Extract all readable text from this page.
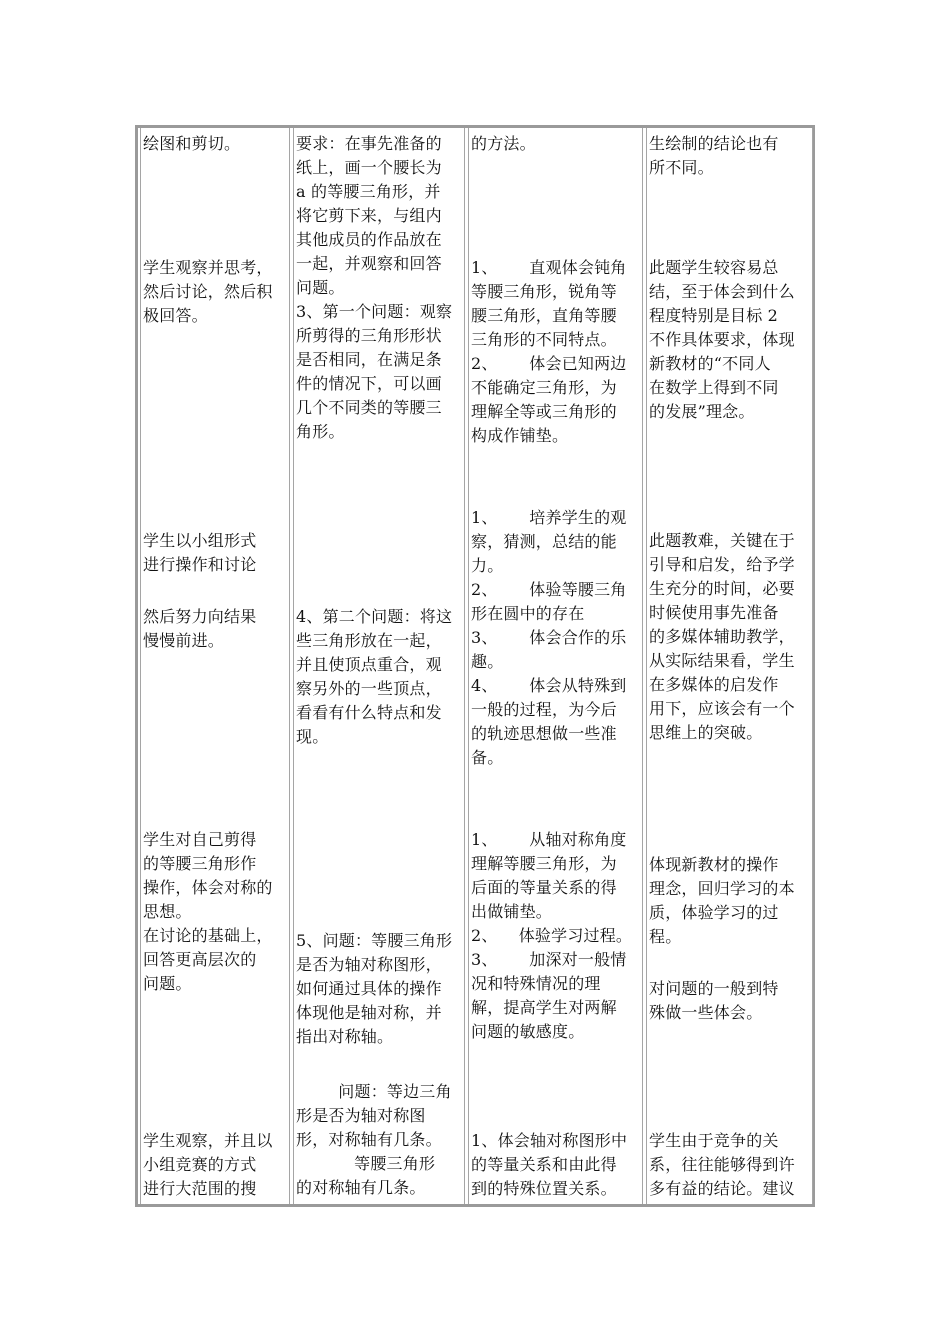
绘图和剪切。

学生观察并思考，
然后讨论，然后积
极回答。

学生以小组形式
进行操作和讨论

然后努力向结果
慢慢前进。

学生对自己剪得
的等腰三角形作
操作，体会对称的
思想。
在讨论的基础上，
回答更高层次的
问题。

学生观察，并且以
小组竞赛的方式
进行大范围的搜

要求：在事先准备的
纸上，画一个腰长为
a 的等腰三角形，并
将它剪下来，与组内
其他成员的作品放在
一起，并观察和回答
问题。
3、第一个问题：观察
所剪得的三角形形状
是否相同，在满足条
件的情况下，可以画
几个不同类的等腰三
角形。

4、第二个问题：将这
些三角形放在一起，
并且使顶点重合，观
察另外的一些顶点，
看看有什么特点和发
现。

5、问题：等腰三角形
是否为轴对称图形，
如何通过具体的操作
体现他是轴对称，并
指出对称轴。

问题：等边三角
形是否为轴对称图
形，对称轴有几条。
等腰三角形
的对称轴有几条。

的方法。

1、      直观体会钝角
等腰三角形，锐角等
腰三角形，直角等腰
三角形的不同特点。
2、      体会已知两边
不能确定三角形，为
理解全等或三角形的
构成作铺垫。

1、      培养学生的观
察，猜测，总结的能
力。
2、      体验等腰三角
形在圆中的存在
3、      体会合作的乐
趣。
4、      体会从特殊到
一般的过程，为今后
的轨迹思想做一些准
备。

1、      从轴对称角度
理解等腰三角形，为
后面的等量关系的得
出做铺垫。
2、    体验学习过程。
3、      加深对一般情
况和特殊情况的理
解，提高学生对两解
问题的敏感度。

1、体会轴对称图形中
的等量关系和由此得
到的特殊位置关系。

生绘制的结论也有
所不同。

此题学生较容易总
结，至于体会到什么
程度特别是目标 2
不作具体要求，体现
新教材的“不同人
在数学上得到不同
的发展”理念。

此题教难，关键在于
引导和启发，给予学
生充分的时间，必要
时候使用事先准备
的多媒体辅助教学，
从实际结果看，学生
在多媒体的启发作
用下，应该会有一个
思维上的突破。

体现新教材的操作
理念，回归学习的本
质，体验学习的过
程。

对问题的一般到特
殊做一些体会。

学生由于竞争的关
系，往往能够得到许
多有益的结论。建议
